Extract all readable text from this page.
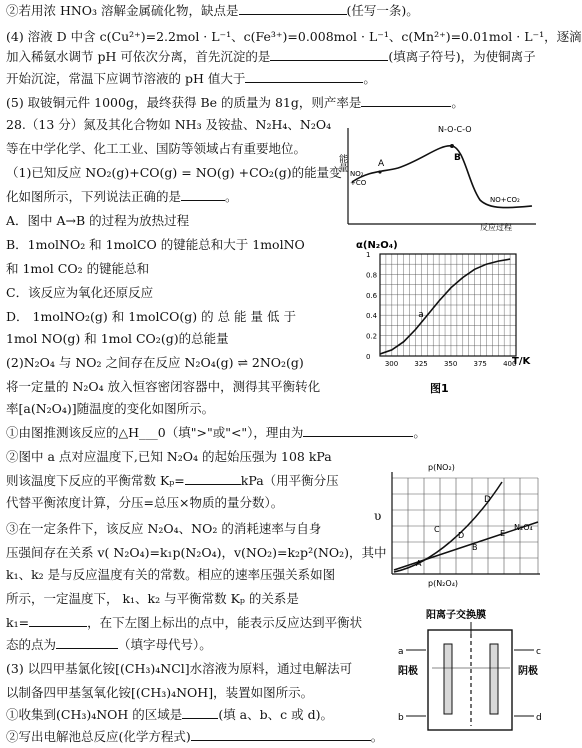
②若用浓 HNO₃ 溶解金属硫化物，缺点是	(任写一条)。
(4) 溶液 D 中含 c(Cu²⁺)=2.2mol · L⁻¹、c(Fe³⁺)=0.008mol · L⁻¹、c(Mn²⁺)=0.01mol · L⁻¹，逐滴
加入稀氨水调节 pH 可依次分离，首先沉淀的是	(填离子符号)，为使铜离子
开始沉淀，常温下应调节溶液的 pH 值大于	。
(5) 取铍铜元件 1000g，最终获得 Be 的质量为 81g，则产率是	。
28.（13 分）氮及其化合物如 NH₃ 及铵盐、N₂H₄、N₂O₄
等在中学化学、化工工业、国防等领域占有重要地位。
（1)已知反应 NO₂(g)+CO(g) = NO(g) +CO₂(g)的能量变
化如图所示，下列说法正确的是	。
A．图中 A→B 的过程为放热过程
B．1molNO₂ 和 1molCO 的键能总和大于 1molNO
和 1mol CO₂ 的键能总和
C．该反应为氧化还原反应
D． 1molNO₂(g) 和 1molCO(g) 的 总 能 量 低 于
1mol NO(g) 和 1mol CO₂(g)的总能量
(2)N₂O₄ 与 NO₂ 之间存在反应 N₂O₄(g) ⇌ 2NO₂(g)
将一定量的 N₂O₄ 放入恒容密闭容器中，测得其平衡转化
率[a(N₂O₄)]随温度的变化如图所示。
①由图推测该反应的△H___0（填">"或"<"），理由为	。
②图中 a 点对应温度下,已知 N₂O₄ 的起始压强为 108 kPa
则该温度下反应的平衡常数 Kₚ=	kPa（用平衡分压
代替平衡浓度计算，分压=总压×物质的量分数）。
③在一定条件下，该反应 N₂O₄、NO₂ 的消耗速率与自身
压强间存在关系 v( N₂O₄)=k₁p(N₂O₄)，v(NO₂)=k₂p²(NO₂)，其中
k₁、k₂ 是与反应温度有关的常数。相应的速率压强关系如图
所示，一定温度下， k₁、k₂ 与平衡常数 Kₚ 的关系是
k₁=	，在下左图上标出的点中，能表示反应达到平衡状
态的点为	（填字母代号）。
(3) 以四甲基氯化铵[(CH₃)₄NCl]水溶液为原料，通过电解法可
以制备四甲基氢氧化铵[(CH₃)₄NOH]，装置如图所示。
①收集到(CH₃)₄NOH 的区域是	(填 a、b、c 或 d)。
②写出电解池总反应(化学方程式)	。
能量
反应过程
N-O-C-O
B
A
NO₂
+CO
NO+CO₂
α(N₂O₄)
T/K
图1
300 325 350 375 400
0
0.2
0.4
0.6
0.8
1
a
υ
p(NO₂)
p(N₂O₄)
D
N₂O₄
A
B
C
D	E
阳离子交换膜
阳极	阴极
a
b
c
d
